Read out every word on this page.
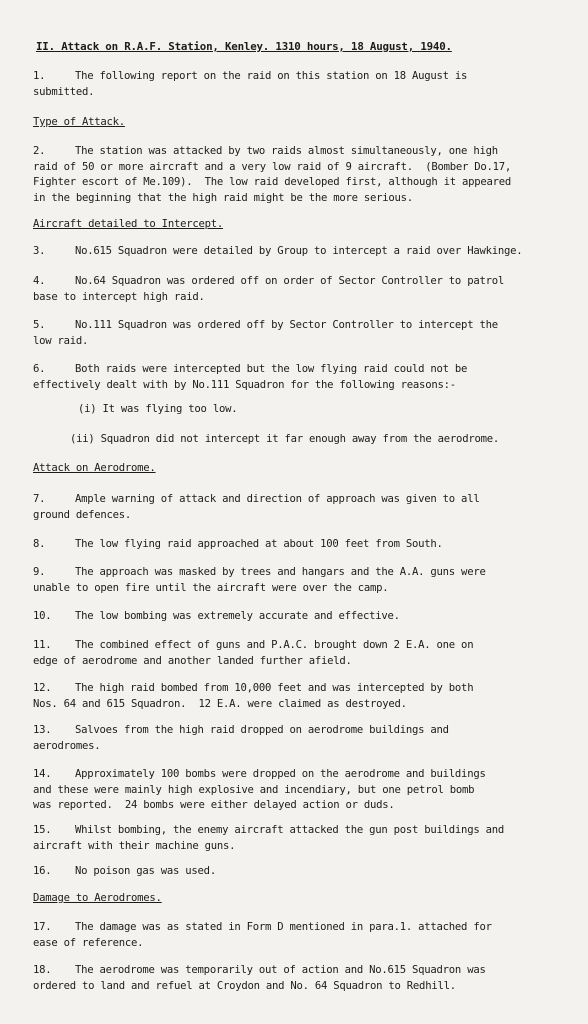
II. Attack on R.A.F. Station, Kenley. 1310 hours, 18 August, 1940.
1.	The following report on the raid on this station on 18 August is
submitted.
Type of Attack.
2.	The station was attacked by two raids almost simultaneously, one high
raid of 50 or more aircraft and a very low raid of 9 aircraft.  (Bomber Do.17,
Fighter escort of Me.109).  The low raid developed first, although it appeared
in the beginning that the high raid might be the more serious.
Aircraft detailed to Intercept.
3.	No.615 Squadron were detailed by Group to intercept a raid over Hawkinge.
4.	No.64 Squadron was ordered off on order of Sector Controller to patrol
base to intercept high raid.
5.	No.111 Squadron was ordered off by Sector Controller to intercept the
low raid.
6.	Both raids were intercepted but the low flying raid could not be
effectively dealt with by No.111 Squadron for the following reasons:-
(i) It was flying too low.
(ii) Squadron did not intercept it far enough away from the aerodrome.
Attack on Aerodrome.
7.	Ample warning of attack and direction of approach was given to all
ground defences.
8.	The low flying raid approached at about 100 feet from South.
9.	The approach was masked by trees and hangars and the A.A. guns were
unable to open fire until the aircraft were over the camp.
10. The low bombing was extremely accurate and effective.
11. The combined effect of guns and P.A.C. brought down 2 E.A. one on
edge of aerodrome and another landed further afield.
12. The high raid bombed from 10,000 feet and was intercepted by both
Nos. 64 and 615 Squadron.  12 E.A. were claimed as destroyed.
13. Salvoes from the high raid dropped on aerodrome buildings and
aerodromes.
14. Approximately 100 bombs were dropped on the aerodrome and buildings
and these were mainly high explosive and incendiary, but one petrol bomb
was reported.  24 bombs were either delayed action or duds.
15. Whilst bombing, the enemy aircraft attacked the gun post buildings and
aircraft with their machine guns.
16. No poison gas was used.
Damage to Aerodromes.
17. The damage was as stated in Form D mentioned in para.1. attached for
ease of reference.
18. The aerodrome was temporarily out of action and No.615 Squadron was
ordered to land and refuel at Croydon and No. 64 Squadron to Redhill.
